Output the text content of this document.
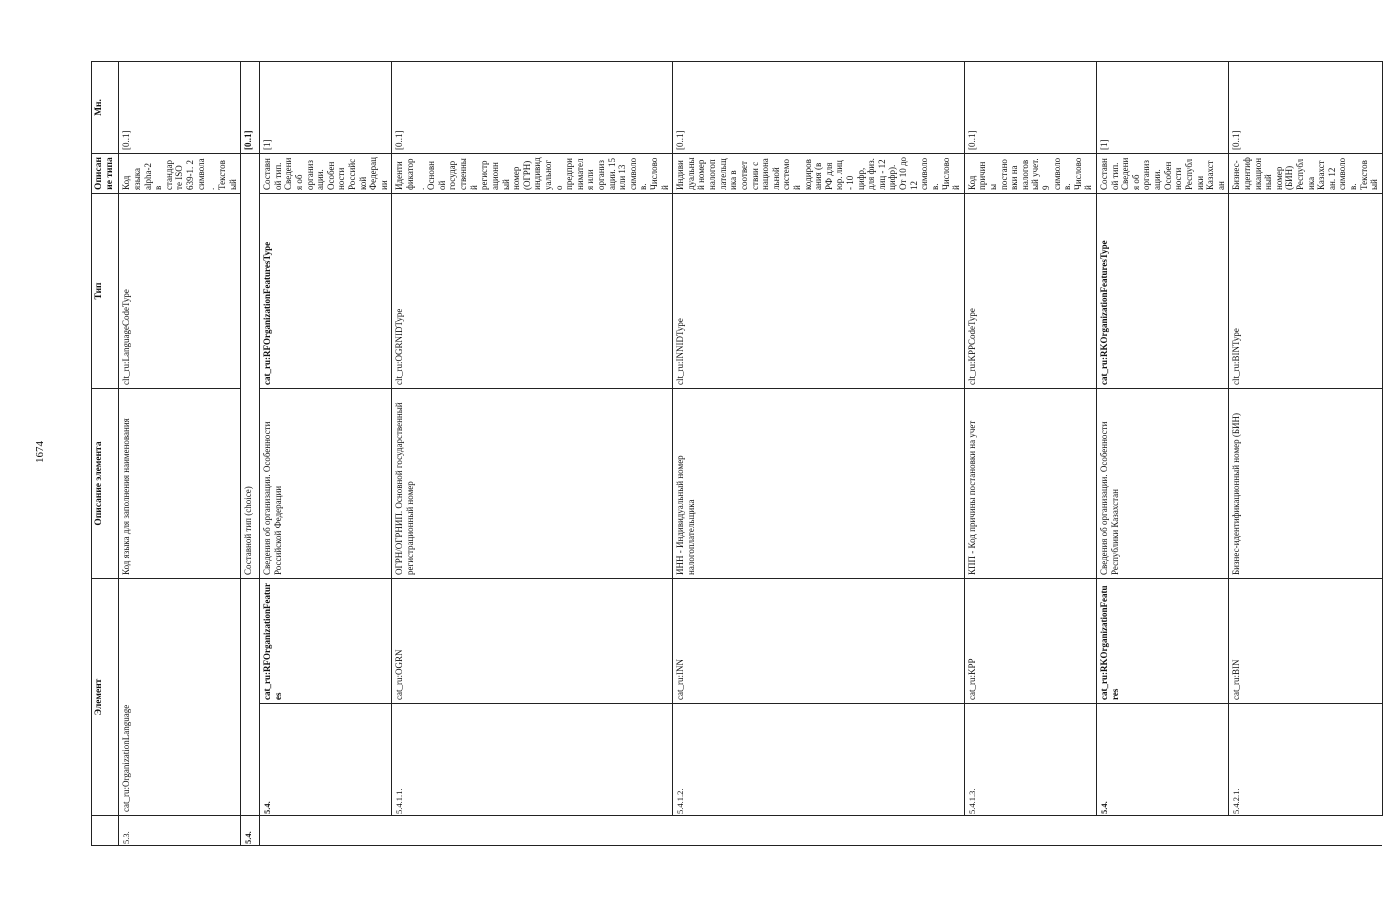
1674
	Элемент		Описание элемента	Тип	Описание типа	Мн.
5.3.	cat_ru:OrganizationLanguage		Код языка для заполнения наименования	clt_ru:LanguageCodeType	Код языка alpha-2 в стандарте ISO 639-1. 2 символа. Текстовый	[0..1]
5.4.			Составной тип (choice)			[0..1]
	5.4.	cat_ru:RFOrganizationFeatures	Сведения об организации. Особенности Российской Федерации	cat_ru:RFOrganizationFeaturesType	Составной тип. Сведения об организации. Особенности Российской Федерации	[1]
	5.4.1.1.	cat_ru:OGRN	ОГРН/ОГРНИП. Основной государственный регистрационный номер	clt_ru:OGRNIDType	Идентификатор. Основной государственный регистрационный номер (ОГРН) индивидуального предпринимателя или организации. 15 или 13 символов. Числовой	[0..1]
	5.4.1.2.	cat_ru:INN	ИНН - Индивидуальный номер налогоплательщика	clt_ru:INNIDType	Индивидуальный номер налогоплательщика в соответствии с национальной системой кодирования (в РФ для юр. лиц - 10 цифр, для физ. лиц - 12 цифр). От 10 до 12 символов. Числовой	[0..1]
	5.4.1.3.	cat_ru:KPP	КПП - Код причины постановки на учет	clt_ru:KPPCodeType	Код причины постановки на налоговый учет. 9 символов. Числовой	[0..1]
	5.4.	cat_ru:RKOrganizationFeatures	Сведения об организации. Особенности Республики Казахстан	cat_ru:RKOrganizationFeaturesType	Составной тип. Сведения об организации. Особенности Республики Казахстан	[1]
	5.4.2.1.	cat_ru:BIN	Бизнес-идентификационный номер (БИН)	clt_ru:BINType	Бизнес-идентификационный номер (БИН) Республика Казахстан. 12 символов. Текстовый	[0..1]
